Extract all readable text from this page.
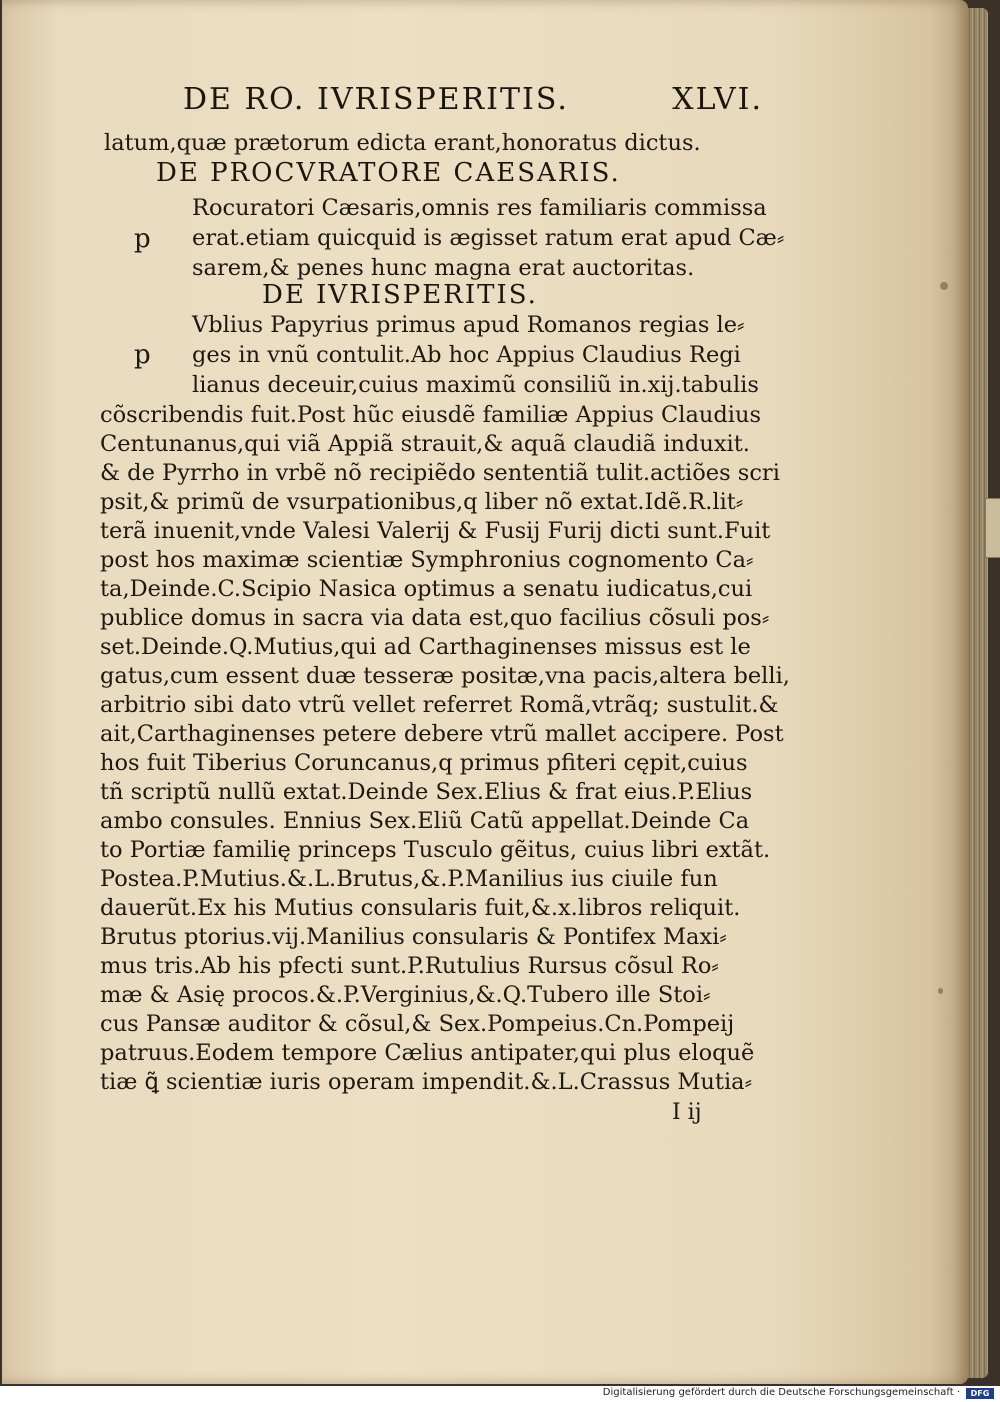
DE RO. IVRISPERITIS.	XLVI.
latum,quæ prætorum edicta erant,honoratus dictus.
DE PROCVRATORE CAESARIS.
p
Rocuratori Cæsaris,omnis res familiaris commissa
erat.etiam quicquid is ægisset ratum erat apud Cæ⸗
sarem,& penes hunc magna erat auctoritas.
DE IVRISPERITIS.
p
Vblius Papyrius primus apud Romanos regias le⸗
ges in vnũ contulit.Ab hoc Appius Claudius Regi
lianus deceuir,cuius maximũ consiliũ in.xij.tabulis
cõscribendis fuit.Post hũc eiusdẽ familiæ Appius Claudius
Centunanus,qui viã Appiã strauit,& aquã claudiã induxit.
& de Pyrrho in vrbẽ nõ recipiẽdo sententiã tulit.actiões scri
psit,& primũ de vsurpationibus,q liber nõ extat.Idẽ.R.lit⸗
terã inuenit,vnde Valesi Valerij & Fusij Furij dicti sunt.Fuit
post hos maximæ scientiæ Symphronius cognomento Ca⸗
ta,Deinde.C.Scipio Nasica optimus a senatu iudicatus,cui
publice domus in sacra via data est,quo facilius cõsuli pos⸗
set.Deinde.Q.Mutius,qui ad Carthaginenses missus est le
gatus,cum essent duæ tesseræ positæ,vna pacis,altera belli,
arbitrio sibi dato vtrũ vellet referret Romã,vtrãq; sustulit.&
ait,Carthaginenses petere debere vtrũ mallet accipere. Post
hos fuit Tiberius Coruncanus,q primus pfiteri cępit,cuius
tñ scriptũ nullũ extat.Deinde Sex.Elius & frat eius.P.Elius
ambo consules. Ennius Sex.Eliũ Catũ appellat.Deinde Ca
to Portiæ familię princeps Tusculo gẽitus, cuius libri extãt.
Postea.P.Mutius.&.L.Brutus,&.P.Manilius ius ciuile fun
dauerũt.Ex his Mutius consularis fuit,&.x.libros reliquit.
Brutus ptorius.vij.Manilius consularis & Pontifex Maxi⸗
mus tris.Ab his pfecti sunt.P.Rutulius Rursus cõsul Ro⸗
mæ & Asię procos.&.P.Verginius,&.Q.Tubero ille Stoi⸗
cus Pansæ auditor & cõsul,& Sex.Pompeius.Cn.Pompeij
patruus.Eodem tempore Cælius antipater,qui plus eloquẽ
tiæ ꝗ̃ scientiæ iuris operam impendit.&.L.Crassus Mutia⸗
I ij
Digitalisierung gefördert durch die Deutsche Forschungsgemeinschaft ·	DFG
